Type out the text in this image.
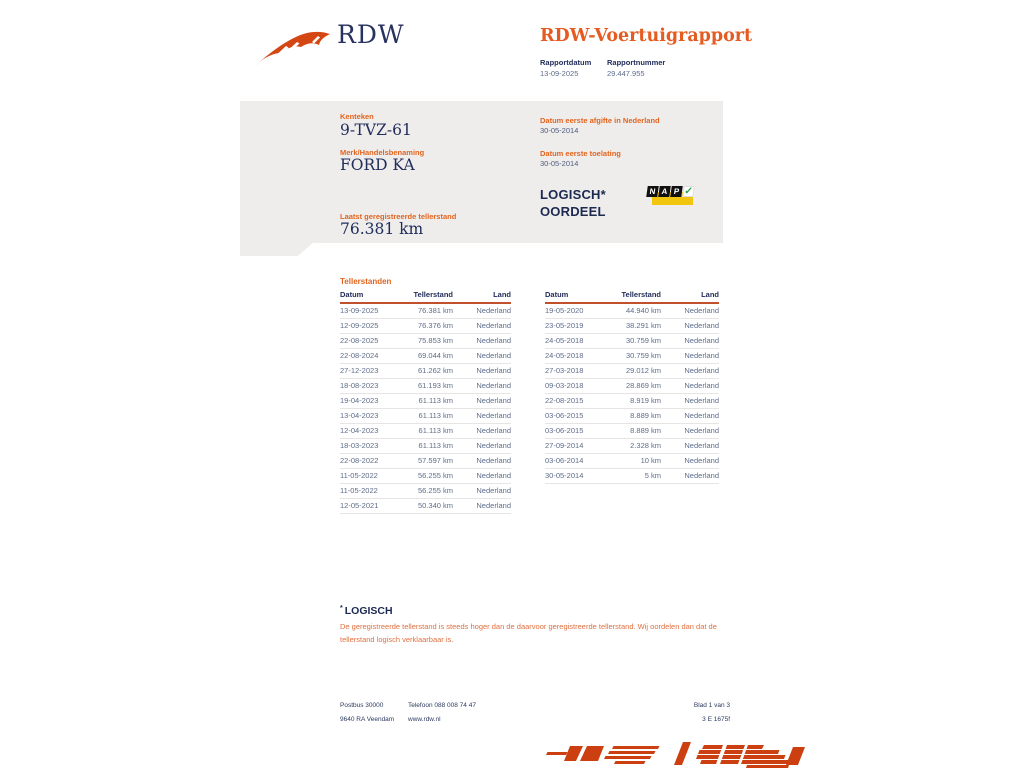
RDW	RDW-Voertuigrapport
Rapportdatum Rapportnummer
13-09-2025	29.447.955
Kenteken
9-TVZ-61
Merk/Handelsbenaming
FORD KA
Laatst geregistreerde tellerstand
76.381 km
Datum eerste afgifte in Nederland
30-05-2014
Datum eerste toelating
30-05-2014
LOGISCH*
OORDEEL
N A P ✓
Tellerstanden
Datum	Tellerstand	Land
13-09-2025	76.381 km	Nederland
12-09-2025	76.376 km	Nederland
22-08-2025	75.853 km	Nederland
22-08-2024	69.044 km	Nederland
27-12-2023	61.262 km	Nederland
18-08-2023	61.193 km	Nederland
19-04-2023	61.113 km	Nederland
13-04-2023	61.113 km	Nederland
12-04-2023	61.113 km	Nederland
18-03-2023	61.113 km	Nederland
22-08-2022	57.597 km	Nederland
11-05-2022	56.255 km	Nederland
11-05-2022	56.255 km	Nederland
12-05-2021	50.340 km	Nederland
Datum	Tellerstand	Land
19-05-2020	44.940 km	Nederland
23-05-2019	38.291 km	Nederland
24-05-2018	30.759 km	Nederland
24-05-2018	30.759 km	Nederland
27-03-2018	29.012 km	Nederland
09-03-2018	28.869 km	Nederland
22-08-2015	8.919 km	Nederland
03-06-2015	8.889 km	Nederland
03-06-2015	8.889 km	Nederland
27-09-2014	2.328 km	Nederland
03-06-2014	10 km	Nederland
30-05-2014	5 km	Nederland
* LOGISCH
De geregistreerde tellerstand is steeds hoger dan de daarvoor geregistreerde tellerstand. Wij oordelen dan dat de tellerstand logisch verklaarbaar is.
Postbus 30000
9640 RA Veendam
Telefoon 088 008 74 47
www.rdw.nl
Blad 1 van 3
3 E 1675f
